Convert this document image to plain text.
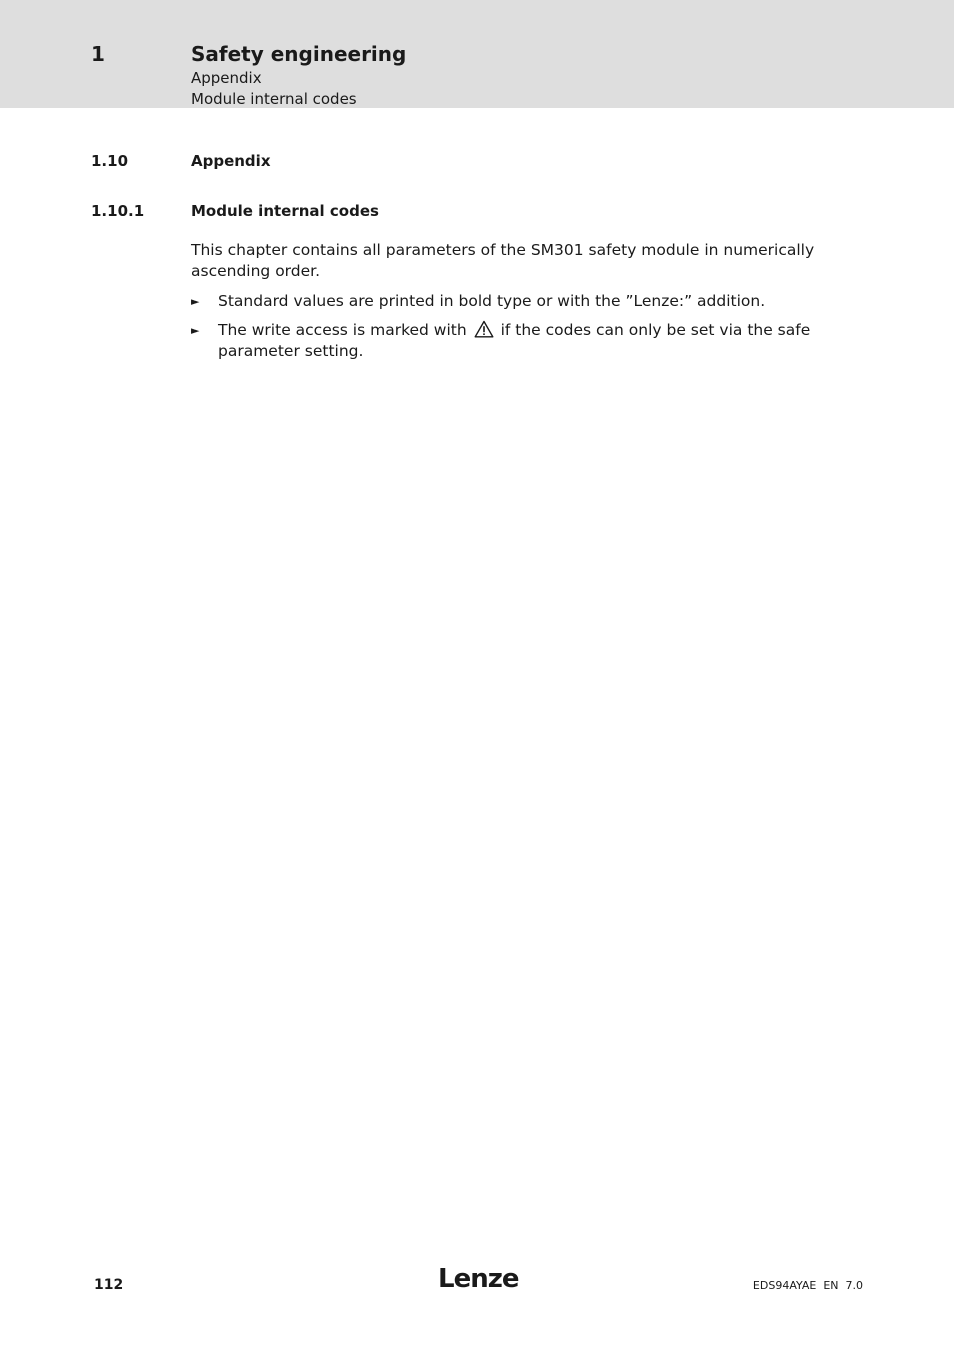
1	Safety engineering
Appendix
Module internal codes
1.10	Appendix
1.10.1	Module internal codes
This chapter contains all parameters of the SM301 safety module in numerically ascending order.
► Standard values are printed in bold type or with the ”Lenze:” addition.
► The write access is marked with if the codes can only be set via the safe parameter setting.
112	Lenze	EDS94AYAE  EN  7.0
